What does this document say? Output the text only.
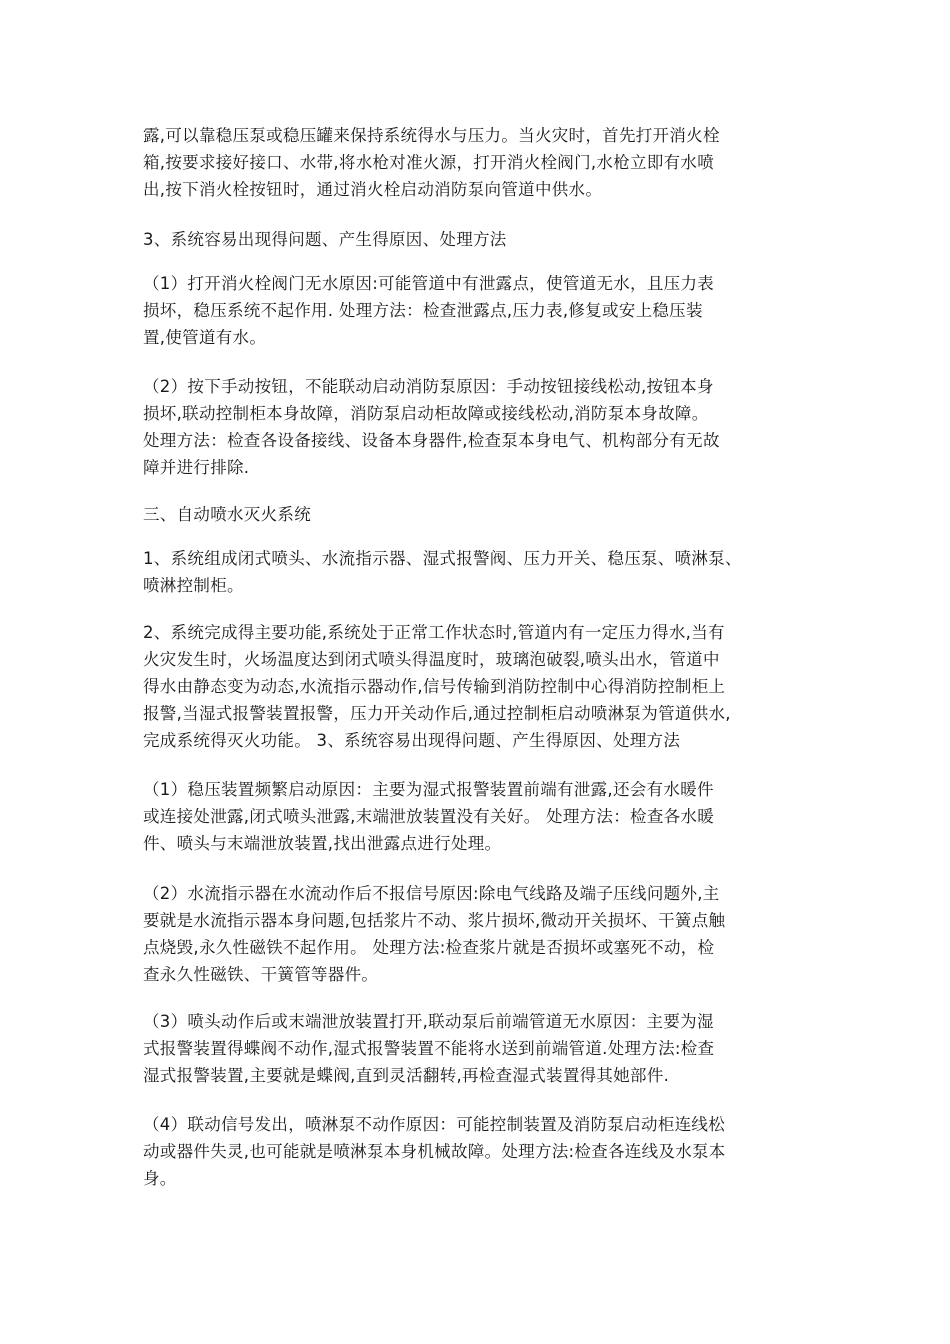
露,可以靠稳压泵或稳压罐来保持系统得水与压力。当火灾时，首先打开消火栓
箱,按要求接好接口、水带,将水枪对准火源，打开消火栓阀门,水枪立即有水喷
出,按下消火栓按钮时，通过消火栓启动消防泵向管道中供水。
3、系统容易出现得问题、产生得原因、处理方法
（1）打开消火栓阀门无水原因:可能管道中有泄露点，使管道无水，且压力表
损坏，稳压系统不起作用. 处理方法：检查泄露点,压力表,修复或安上稳压装
置,使管道有水。
（2）按下手动按钮，不能联动启动消防泵原因：手动按钮接线松动,按钮本身
损坏,联动控制柜本身故障，消防泵启动柜故障或接线松动,消防泵本身故障。
处理方法：检查各设备接线、设备本身器件,检查泵本身电气、机构部分有无故
障并进行排除.
三、自动喷水灭火系统
1、系统组成闭式喷头、水流指示器、湿式报警阀、压力开关、稳压泵、喷淋泵、
喷淋控制柜。
2、系统完成得主要功能,系统处于正常工作状态时,管道内有一定压力得水,当有
火灾发生时，火场温度达到闭式喷头得温度时，玻璃泡破裂,喷头出水，管道中
得水由静态变为动态,水流指示器动作,信号传输到消防控制中心得消防控制柜上
报警,当湿式报警装置报警，压力开关动作后,通过控制柜启动喷淋泵为管道供水,
完成系统得灭火功能。 3、系统容易出现得问题、产生得原因、处理方法
（1）稳压装置频繁启动原因：主要为湿式报警装置前端有泄露,还会有水暖件
或连接处泄露,闭式喷头泄露,末端泄放装置没有关好。 处理方法：检查各水暖
件、喷头与末端泄放装置,找出泄露点进行处理。
（2）水流指示器在水流动作后不报信号原因:除电气线路及端子压线问题外,主
要就是水流指示器本身问题,包括浆片不动、浆片损坏,微动开关损坏、干簧点触
点烧毁,永久性磁铁不起作用。 处理方法:检查浆片就是否损坏或塞死不动，检
查永久性磁铁、干簧管等器件。
（3）喷头动作后或末端泄放装置打开,联动泵后前端管道无水原因：主要为湿
式报警装置得蝶阀不动作,湿式报警装置不能将水送到前端管道.处理方法:检查
湿式报警装置,主要就是蝶阀,直到灵活翻转,再检查湿式装置得其她部件.
（4）联动信号发出，喷淋泵不动作原因：可能控制装置及消防泵启动柜连线松
动或器件失灵,也可能就是喷淋泵本身机械故障。处理方法:检查各连线及水泵本
身。
